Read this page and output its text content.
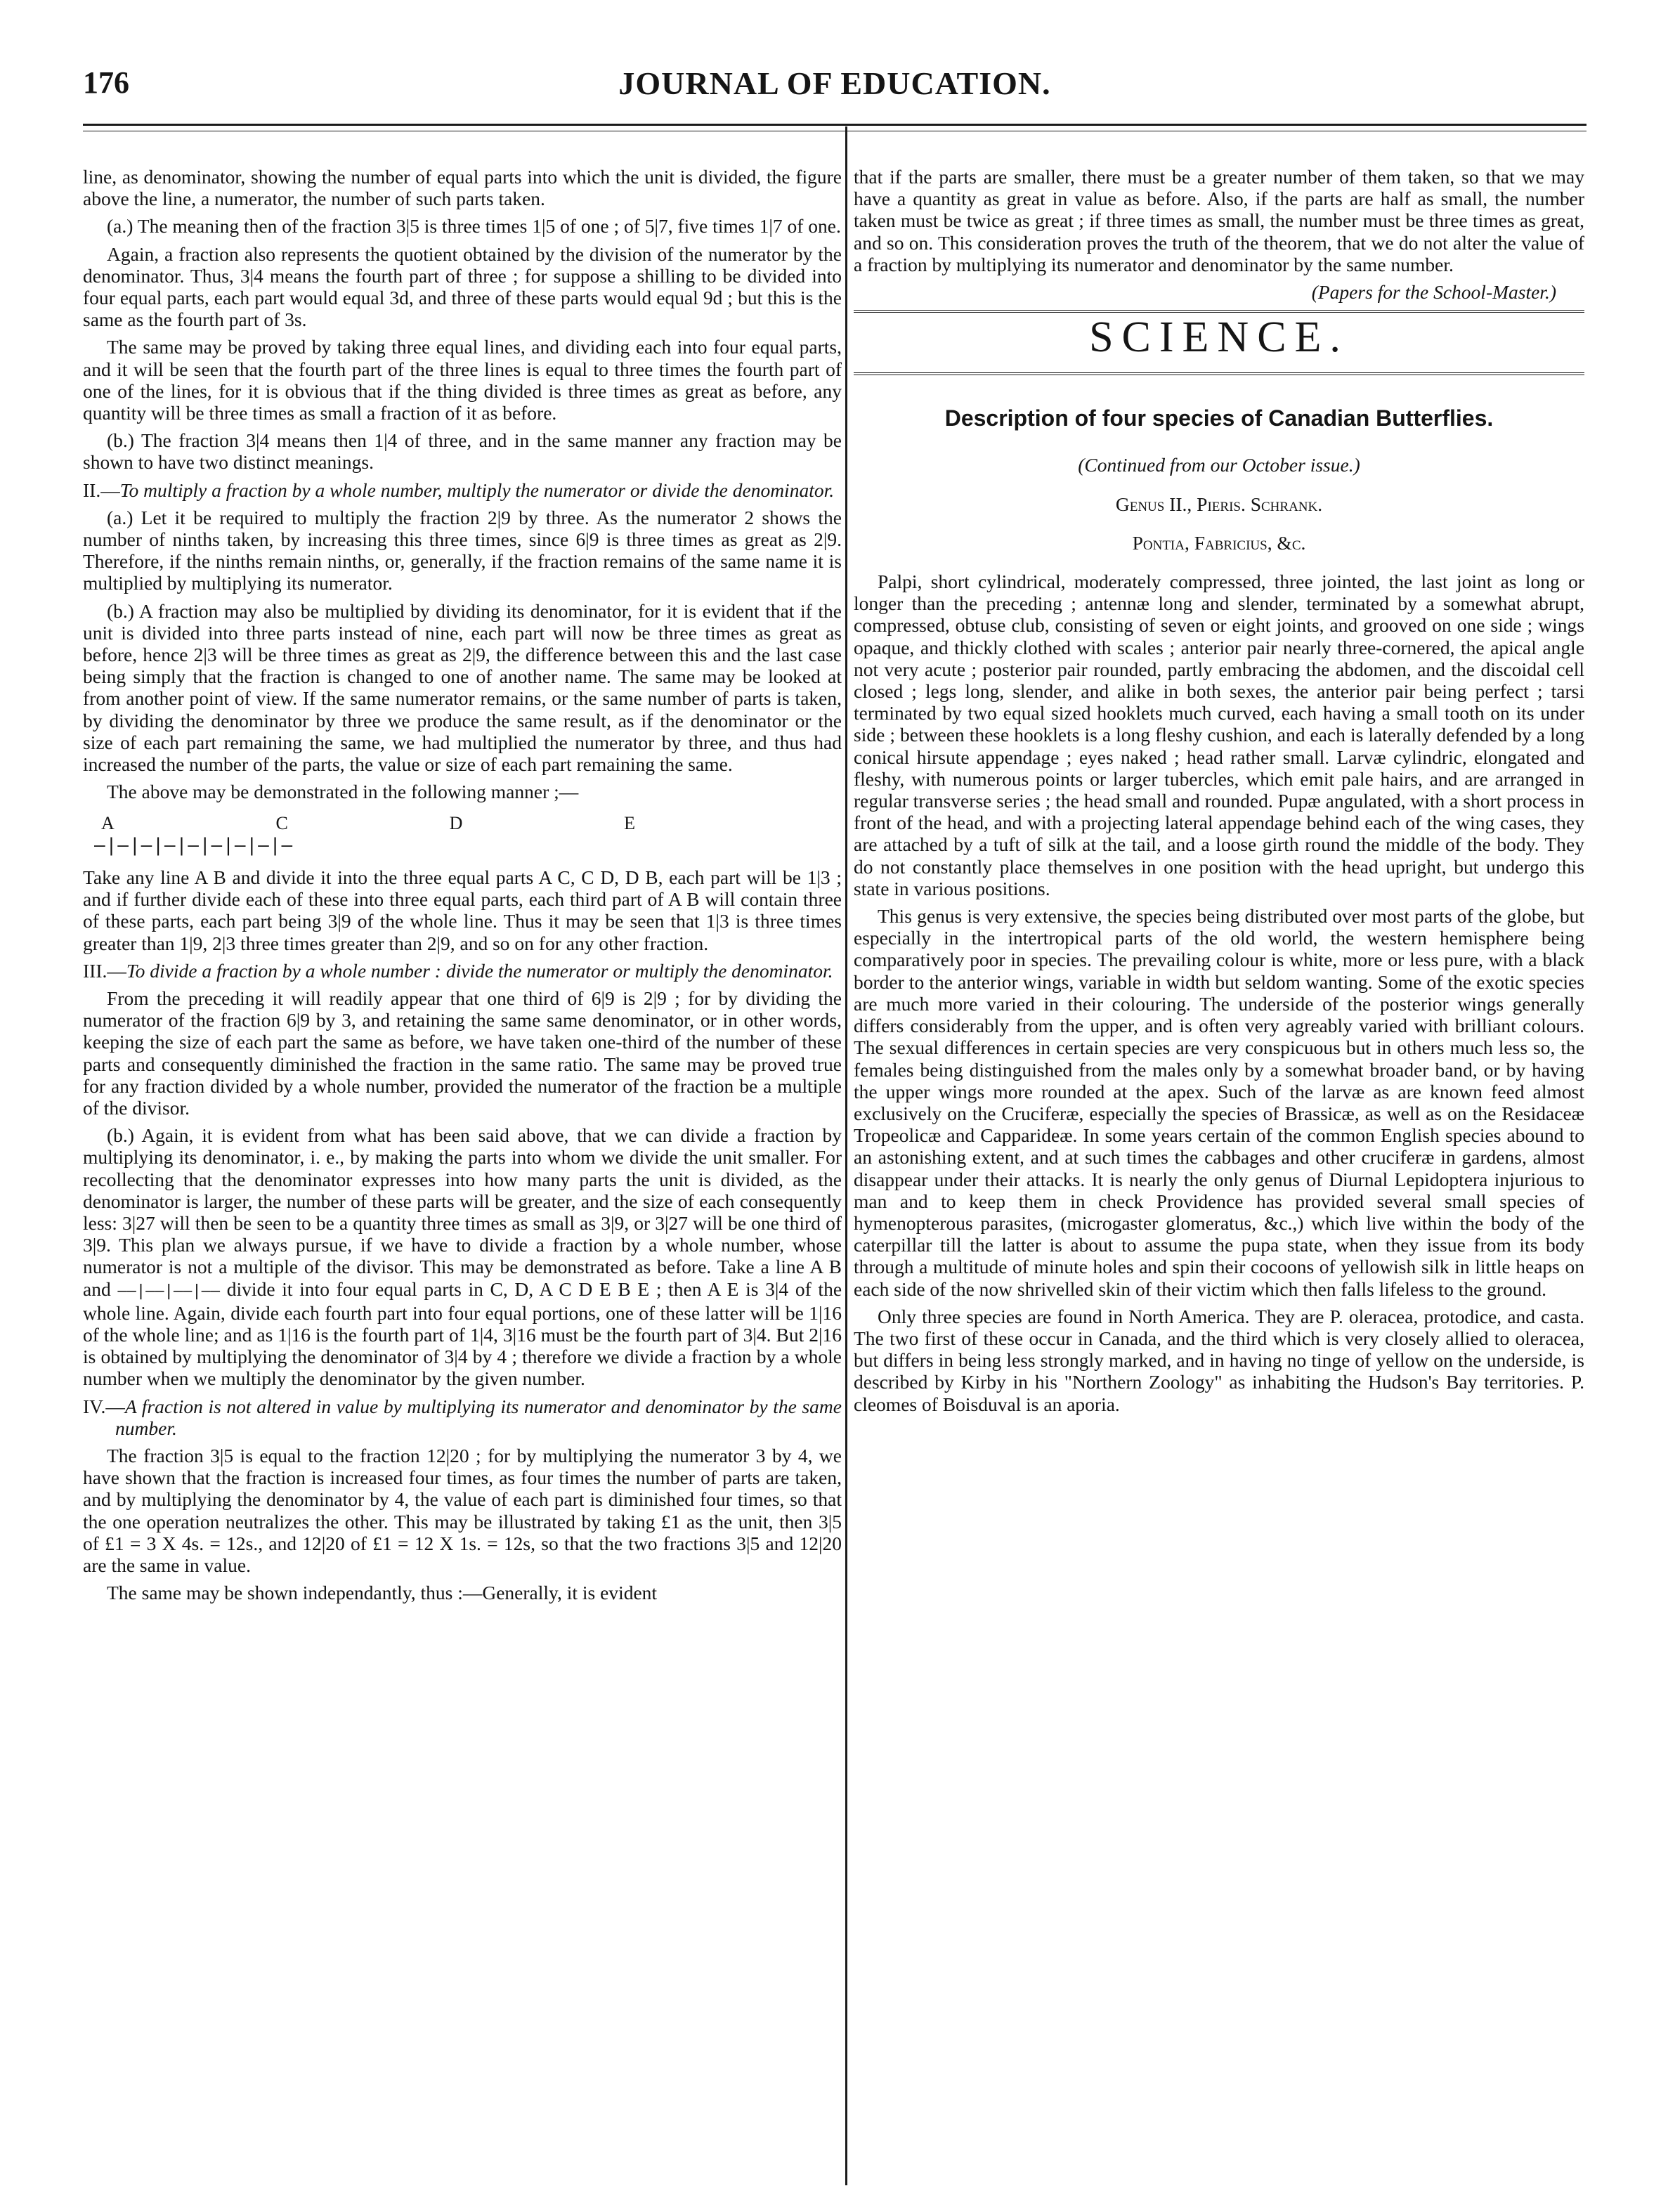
176	JOURNAL OF EDUCATION.

line, as denominator, showing the number of equal parts into which the unit is divided, the figure above the line, a numerator, the number of such parts taken.

(a.) The meaning then of the fraction 3|5 is three times 1|5 of one ; of 5|7, five times 1|7 of one.

Again, a fraction also represents the quotient obtained by the division of the numerator by the denominator. Thus, 3|4 means the fourth part of three ; for suppose a shilling to be divided into four equal parts, each part would equal 3d, and three of these parts would equal 9d ; but this is the same as the fourth part of 3s.

The same may be proved by taking three equal lines, and dividing each into four equal parts, and it will be seen that the fourth part of the three lines is equal to three times the fourth part of one of the lines, for it is obvious that if the thing divided is three times as great as before, any quantity will be three times as small a fraction of it as before.

(b.) The fraction 3|4 means then 1|4 of three, and in the same manner any fraction may be shown to have two distinct meanings.

II.—To multiply a fraction by a whole number, multiply the numerator or divide the denominator.

(a.) Let it be required to multiply the fraction 2|9 by three. As the numerator 2 shows the number of ninths taken, by increasing this three times, since 6|9 is three times as great as 2|9. Therefore, if the ninths remain ninths, or, generally, if the fraction remains of the same name it is multiplied by multiplying its numerator.

(b.) A fraction may also be multiplied by dividing its denominator, for it is evident that if the unit is divided into three parts instead of nine, each part will now be three times as great as before, hence 2|3 will be three times as great as 2|9, the difference between this and the last case being simply that the fraction is changed to one of another name. The same may be looked at from another point of view. If the same numerator remains, or the same number of parts is taken, by dividing the denominator by three we produce the same result, as if the denominator or the size of each part remaining the same, we had multiplied the numerator by three, and thus had increased the number of the parts, the value or size of each part remaining the same.

The above may be demonstrated in the following manner ;—

A	C	D	E
—|—|—|—|—|—|—|—|—

Take any line A B and divide it into the three equal parts A C, C D, D B, each part will be 1|3 ; and if further divide each of these into three equal parts, each third part of A B will contain three of these parts, each part being 3|9 of the whole line. Thus it may be seen that 1|3 is three times greater than 1|9, 2|3 three times greater than 2|9, and so on for any other fraction.

III.—To divide a fraction by a whole number : divide the numerator or multiply the denominator.

From the preceding it will readily appear that one third of 6|9 is 2|9 ; for by dividing the numerator of the fraction 6|9 by 3, and retaining the same same denominator, or in other words, keeping the size of each part the same as before, we have taken one-third of the number of these parts and consequently diminished the fraction in the same ratio. The same may be proved true for any fraction divided by a whole number, provided the numerator of the fraction be a multiple of the divisor.

(b.) Again, it is evident from what has been said above, that we can divide a fraction by multiplying its denominator, i. e., by making the parts into whom we divide the unit smaller. For recollecting that the denominator expresses into how many parts the unit is divided, as the denominator is larger, the number of these parts will be greater, and the size of each consequently less: 3|27 will then be seen to be a quantity three times as small as 3|9, or 3|27 will be one third of 3|9. This plan we always pursue, if we have to divide a fraction by a whole number, whose numerator is not a multiple of the divisor. This may be demonstrated as before. Take a line A B and ——|——|——|—— divide it into four equal parts in C, D, A C D E B E ; then A E is 3|4 of the whole line. Again, divide each fourth part into four equal portions, one of these latter will be 1|16 of the whole line; and as 1|16 is the fourth part of 1|4, 3|16 must be the fourth part of 3|4. But 2|16 is obtained by multiplying the denominator of 3|4 by 4 ; therefore we divide a fraction by a whole number when we multiply the denominator by the given number.

IV.—A fraction is not altered in value by multiplying its numerator and denominator by the same number.

The fraction 3|5 is equal to the fraction 12|20 ; for by multiplying the numerator 3 by 4, we have shown that the fraction is increased four times, as four times the number of parts are taken, and by multiplying the denominator by 4, the value of each part is diminished four times, so that the one operation neutralizes the other. This may be illustrated by taking £1 as the unit, then 3|5 of £1 = 3 X 4s. = 12s., and 12|20 of £1 = 12 X 1s. = 12s, so that the two fractions 3|5 and 12|20 are the same in value.

The same may be shown independantly, thus :—Generally, it is evident

that if the parts are smaller, there must be a greater number of them taken, so that we may have a quantity as great in value as before. Also, if the parts are half as small, the number taken must be twice as great ; if three times as small, the number must be three times as great, and so on. This consideration proves the truth of the theorem, that we do not alter the value of a fraction by multiplying its numerator and denominator by the same number.

(Papers for the School-Master.)

SCIENCE.
Description of four species of Canadian Butterflies.

(Continued from our October issue.)

Genus II., Pieris. Schrank.

Pontia, Fabricius, &c.

Palpi, short cylindrical, moderately compressed, three jointed, the last joint as long or longer than the preceding ; antennæ long and slender, terminated by a somewhat abrupt, compressed, obtuse club, consisting of seven or eight joints, and grooved on one side ; wings opaque, and thickly clothed with scales ; anterior pair nearly three-cornered, the apical angle not very acute ; posterior pair rounded, partly embracing the abdomen, and the discoidal cell closed ; legs long, slender, and alike in both sexes, the anterior pair being perfect ; tarsi terminated by two equal sized hooklets much curved, each having a small tooth on its under side ; between these hooklets is a long fleshy cushion, and each is laterally defended by a long conical hirsute appendage ; eyes naked ; head rather small. Larvæ cylindric, elongated and fleshy, with numerous points or larger tubercles, which emit pale hairs, and are arranged in regular transverse series ; the head small and rounded. Pupæ angulated, with a short process in front of the head, and with a projecting lateral appendage behind each of the wing cases, they are attached by a tuft of silk at the tail, and a loose girth round the middle of the body. They do not constantly place themselves in one position with the head upright, but undergo this state in various positions.

This genus is very extensive, the species being distributed over most parts of the globe, but especially in the intertropical parts of the old world, the western hemisphere being comparatively poor in species. The prevailing colour is white, more or less pure, with a black border to the anterior wings, variable in width but seldom wanting. Some of the exotic species are much more varied in their colouring. The underside of the posterior wings generally differs considerably from the upper, and is often very agreably varied with brilliant colours. The sexual differences in certain species are very conspicuous but in others much less so, the females being distinguished from the males only by a somewhat broader band, or by having the upper wings more rounded at the apex. Such of the larvæ as are known feed almost exclusively on the Cruciferæ, especially the species of Brassicæ, as well as on the Residaceæ Tropeolicæ and Capparideæ. In some years certain of the common English species abound to an astonishing extent, and at such times the cabbages and other cruciferæ in gardens, almost disappear under their attacks. It is nearly the only genus of Diurnal Lepidoptera injurious to man and to keep them in check Providence has provided several small species of hymenopterous parasites, (microgaster glomeratus, &c.,) which live within the body of the caterpillar till the latter is about to assume the pupa state, when they issue from its body through a multitude of minute holes and spin their cocoons of yellowish silk in little heaps on each side of the now shrivelled skin of their victim which then falls lifeless to the ground.

Only three species are found in North America. They are P. oleracea, protodice, and casta. The two first of these occur in Canada, and the third which is very closely allied to oleracea, but differs in being less strongly marked, and in having no tinge of yellow on the underside, is described by Kirby in his "Northern Zoology" as inhabiting the Hudson's Bay territories. P. cleomes of Boisduval is an aporia.
